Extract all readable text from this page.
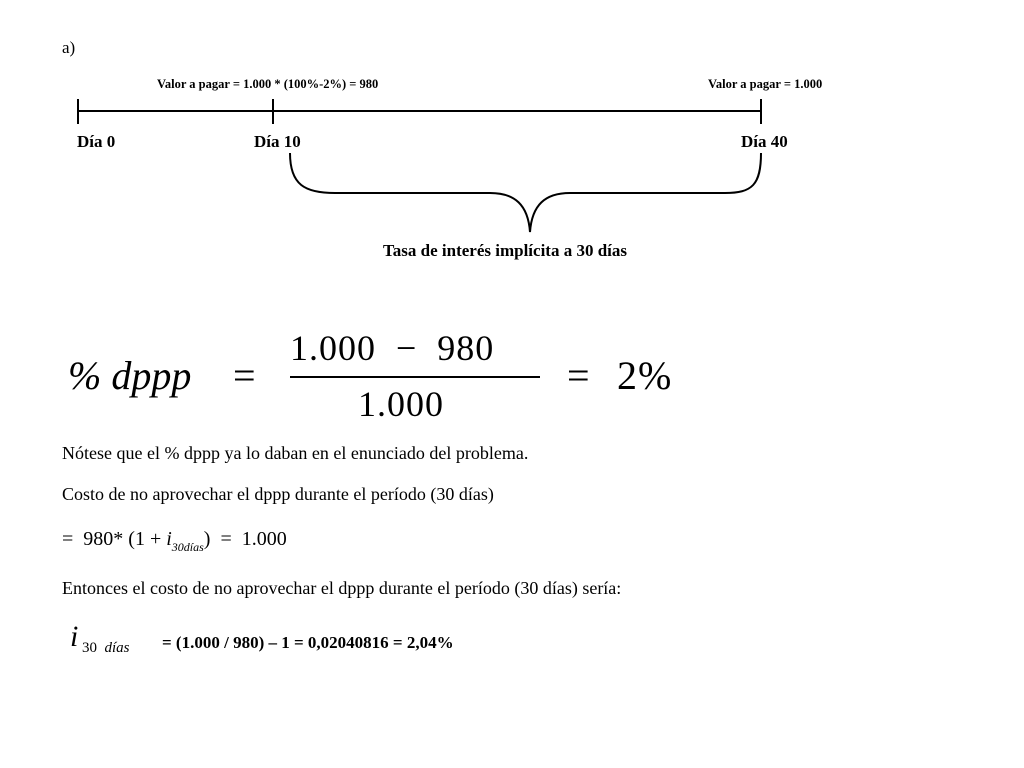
a)
Valor a pagar = 1.000 * (100%-2%) = 980	Valor a pagar = 1.000
Día 0	Día 10	Día 40
Tasa de interés implícita a 30 días
% dppp =
1.000  −  980
1.000
= 2%
Nótese que el % dppp ya lo daban en el enunciado del problema.
Costo de no aprovechar el dppp durante el período (30 días)
=  980* $(1 + i_{30días}) = 1.000$
Entonces el costo de no aprovechar el dppp durante el período (30 días) sería:
i 30  días = (1.000 / 980) – 1 = 0,02040816 = 2,04%
